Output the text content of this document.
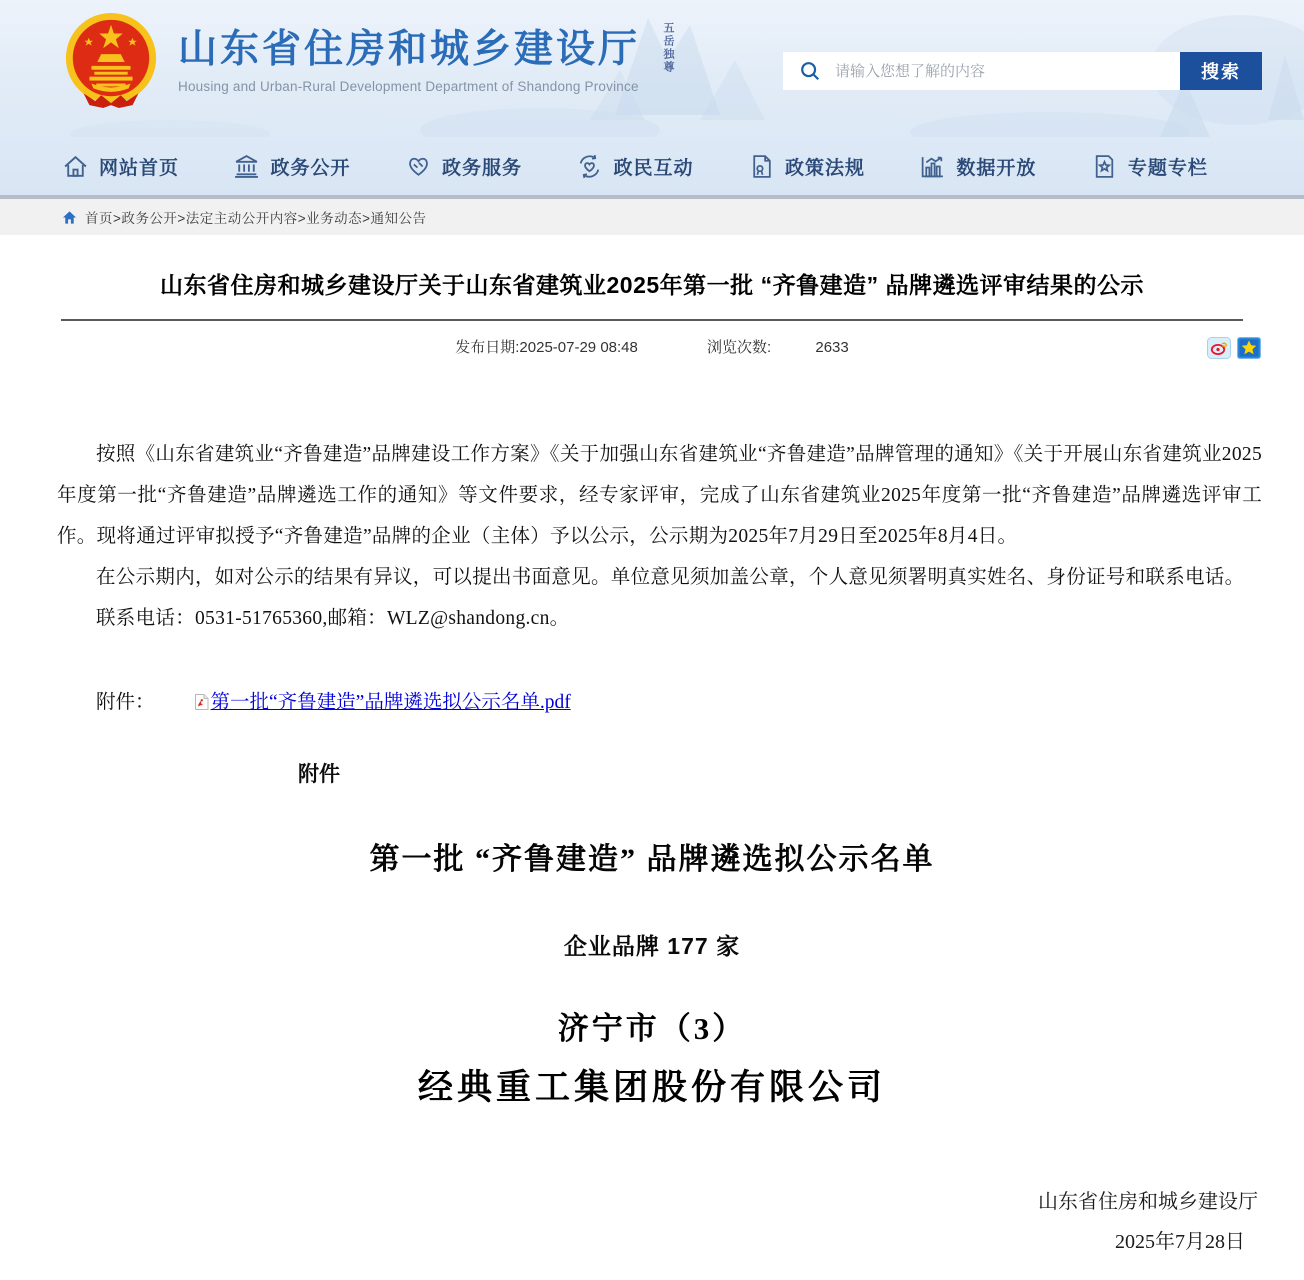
山东省住房和城乡建设厅
Housing and Urban-Rural Development Department of Shandong Province
五岳独尊
请输入您想了解的内容	搜索
网站首页	政务公开	政务服务	政民互动	政策法规	数据开放	专题专栏
首页>政务公开>法定主动公开内容>业务动态>通知公告
山东省住房和城乡建设厅关于山东省建筑业2025年第一批 “齐鲁建造” 品牌遴选评审结果的公示
发布日期:2025-07-29 08:48	浏览次数:	2633

按照《山东省建筑业“齐鲁建造”品牌建设工作方案》《关于加强山东省建筑业“齐鲁建造”品牌管理的通知》《关于开展山东省建筑业2025年度第一批“齐鲁建造”品牌遴选工作的通知》等文件要求，经专家评审，完成了山东省建筑业2025年度第一批“齐鲁建造”品牌遴选评审工作。现将通过评审拟授予“齐鲁建造”品牌的企业（主体）予以公示，公示期为2025年7月29日至2025年8月4日。

在公示期内，如对公示的结果有异议，可以提出书面意见。单位意见须加盖公章，个人意见须署明真实姓名、身份证号和联系电话。

联系电话：0531-51765360,邮箱：WLZ@shandong.cn。

附件：	第一批“齐鲁建造”品牌遴选拟公示名单.pdf
附件
第一批 “齐鲁建造” 品牌遴选拟公示名单
企业品牌 177 家
济宁市（3）
经典重工集团股份有限公司
山东省住房和城乡建设厅
2025年7月28日
